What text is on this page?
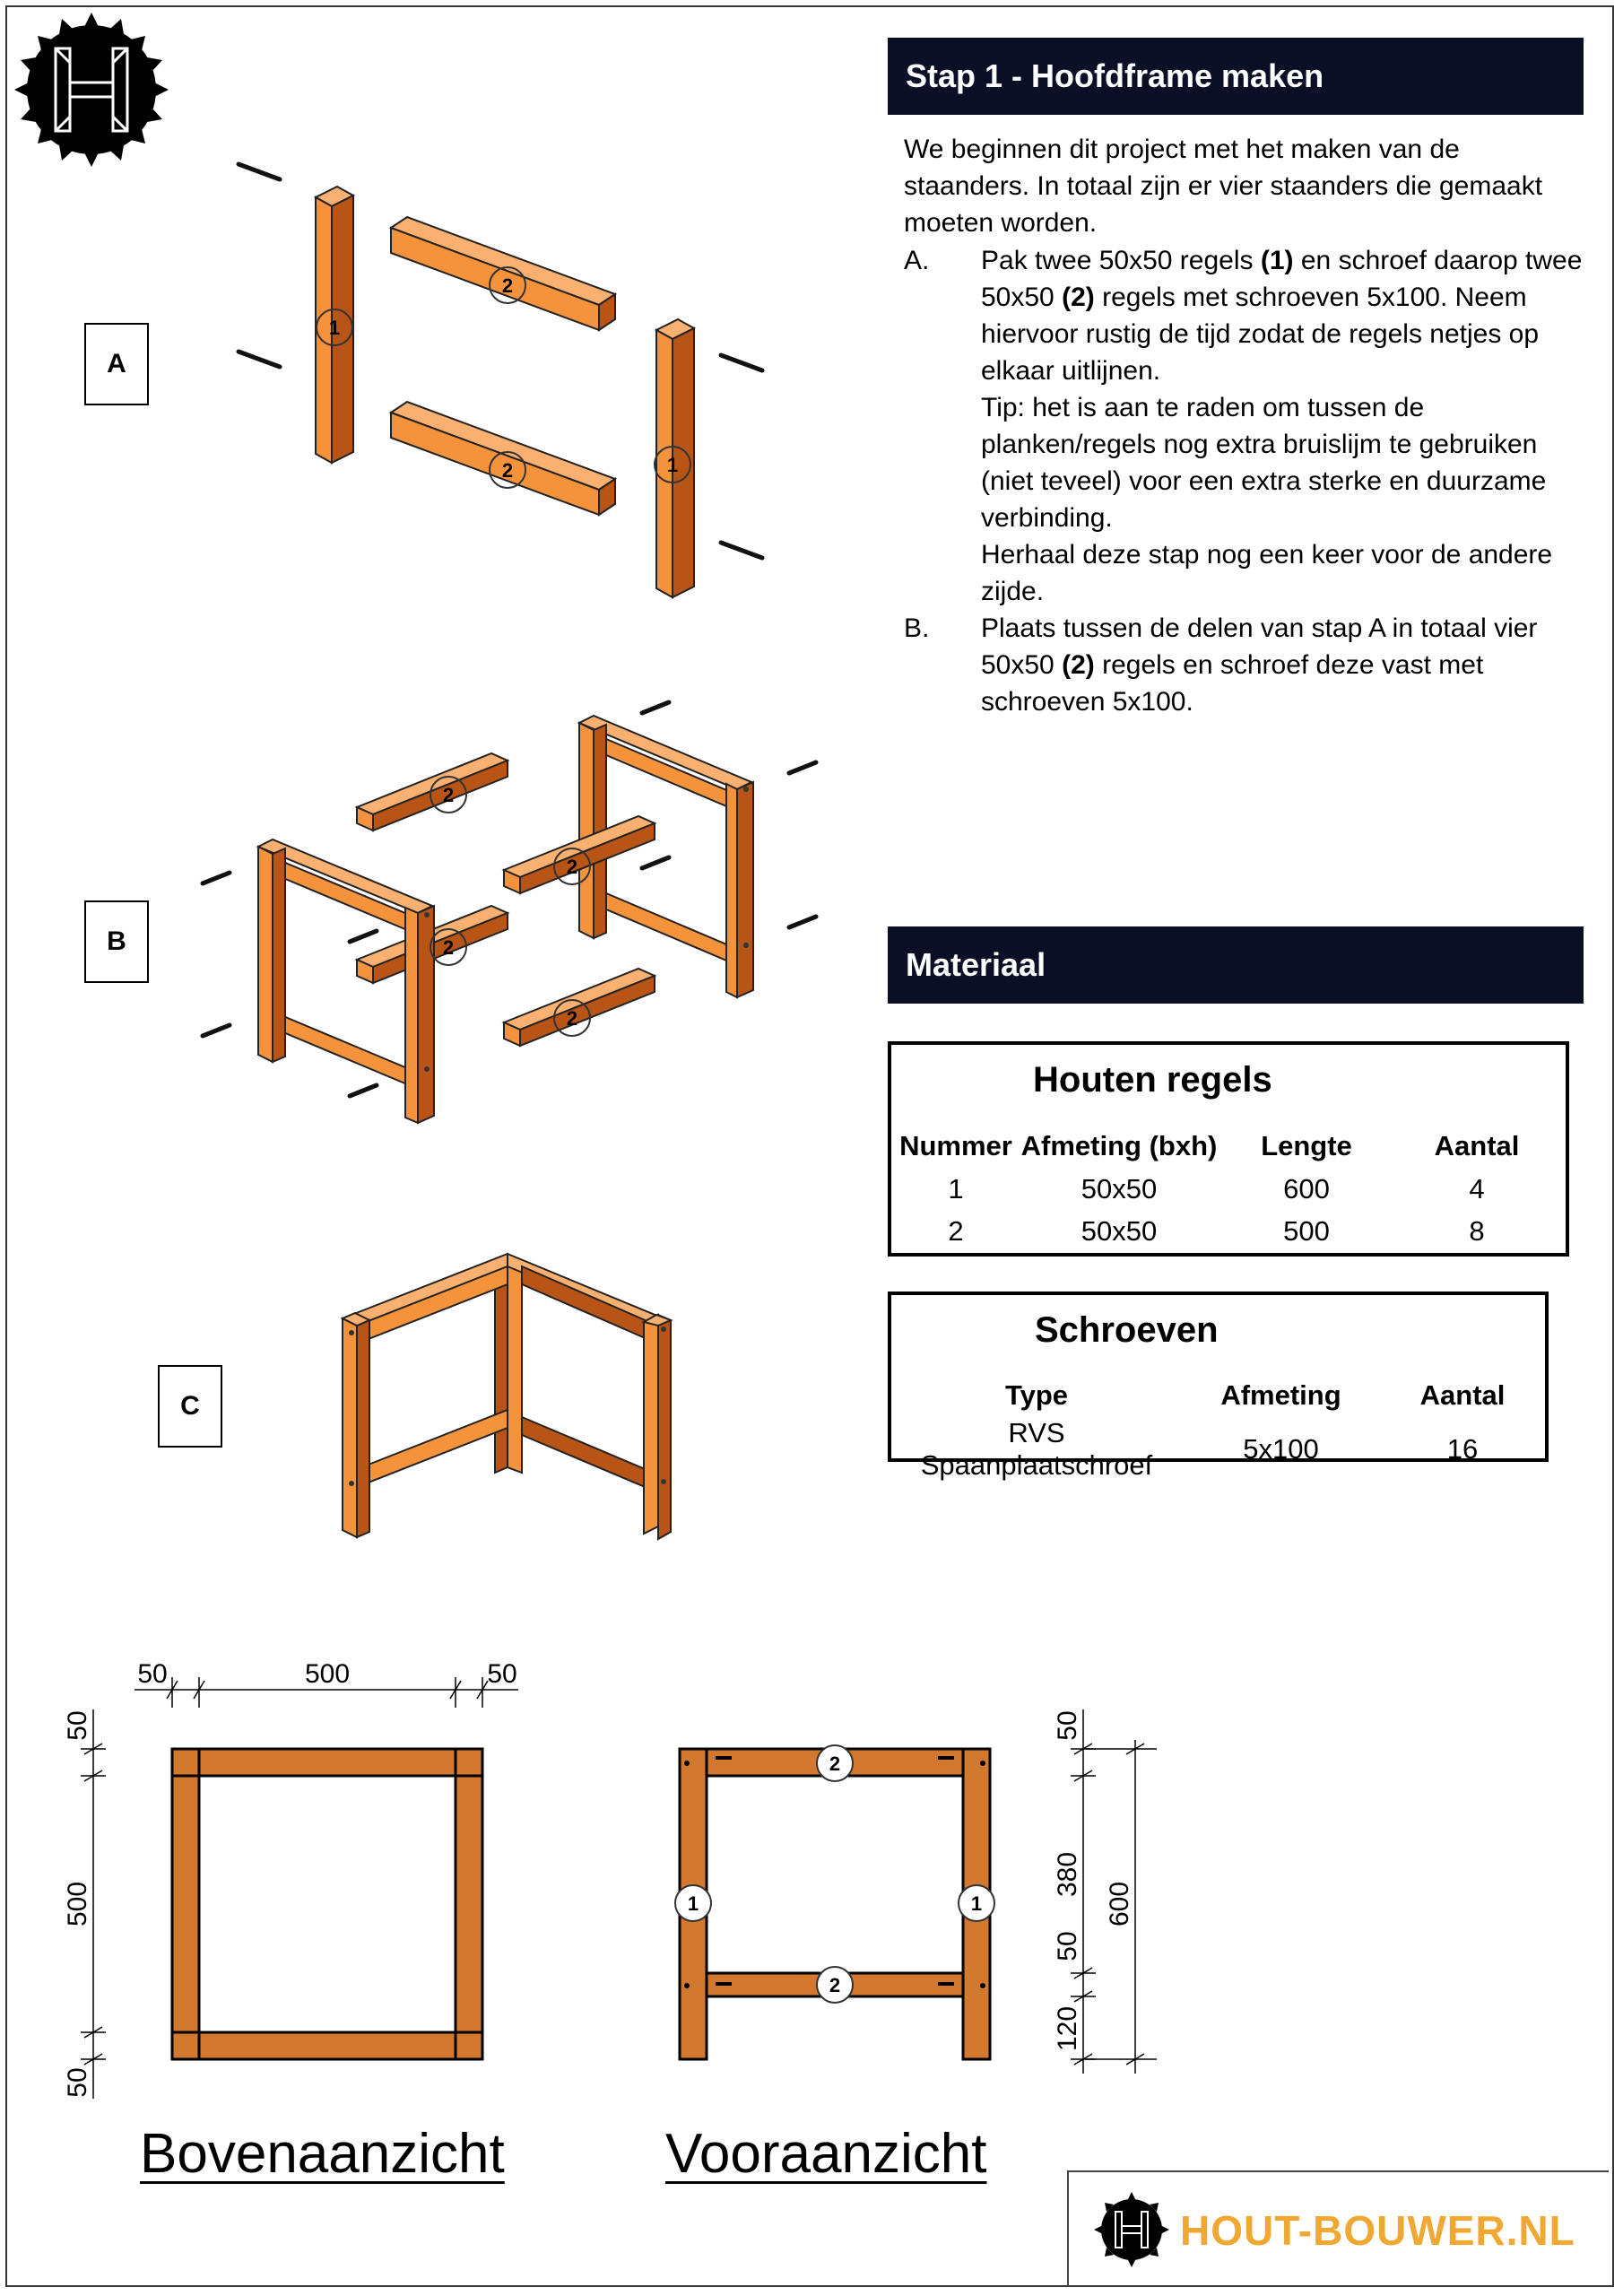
1
2
2	1
2
2
2
2
50	500	50
50
500
50
2
2
1	1
50
380
50
120
600
Stap 1 - Hoofdframe maken

We beginnen dit project met het maken van de staanders. In totaal zijn er vier staanders die gemaakt moeten worden.

A.	Pak twee 50x50 regels (1) en schroef daarop twee 50x50 (2) regels met schroeven 5x100. Neem hiervoor rustig de tijd zodat de regels netjes op elkaar uitlijnen.
Tip: het is aan te raden om tussen de planken/regels nog extra bruislijm te gebruiken (niet teveel) voor een extra sterke en duurzame verbinding.
Herhaal deze stap nog een keer voor de andere zijde.
B.	Plaats tussen de delen van stap A in totaal vier 50x50 (2) regels en schroef deze vast met schroeven 5x100.
Materiaal
Houten regels
Nummer	Afmeting (bxh)	Lengte	Aantal
1	50x50	600	4
2	50x50	500	8
Schroeven
Type	Afmeting	Aantal
RVS Spaanplaatschroef	5x100	16
A
B
C
Bovenaanzicht	Vooraanzicht
HOUT-BOUWER.NL
